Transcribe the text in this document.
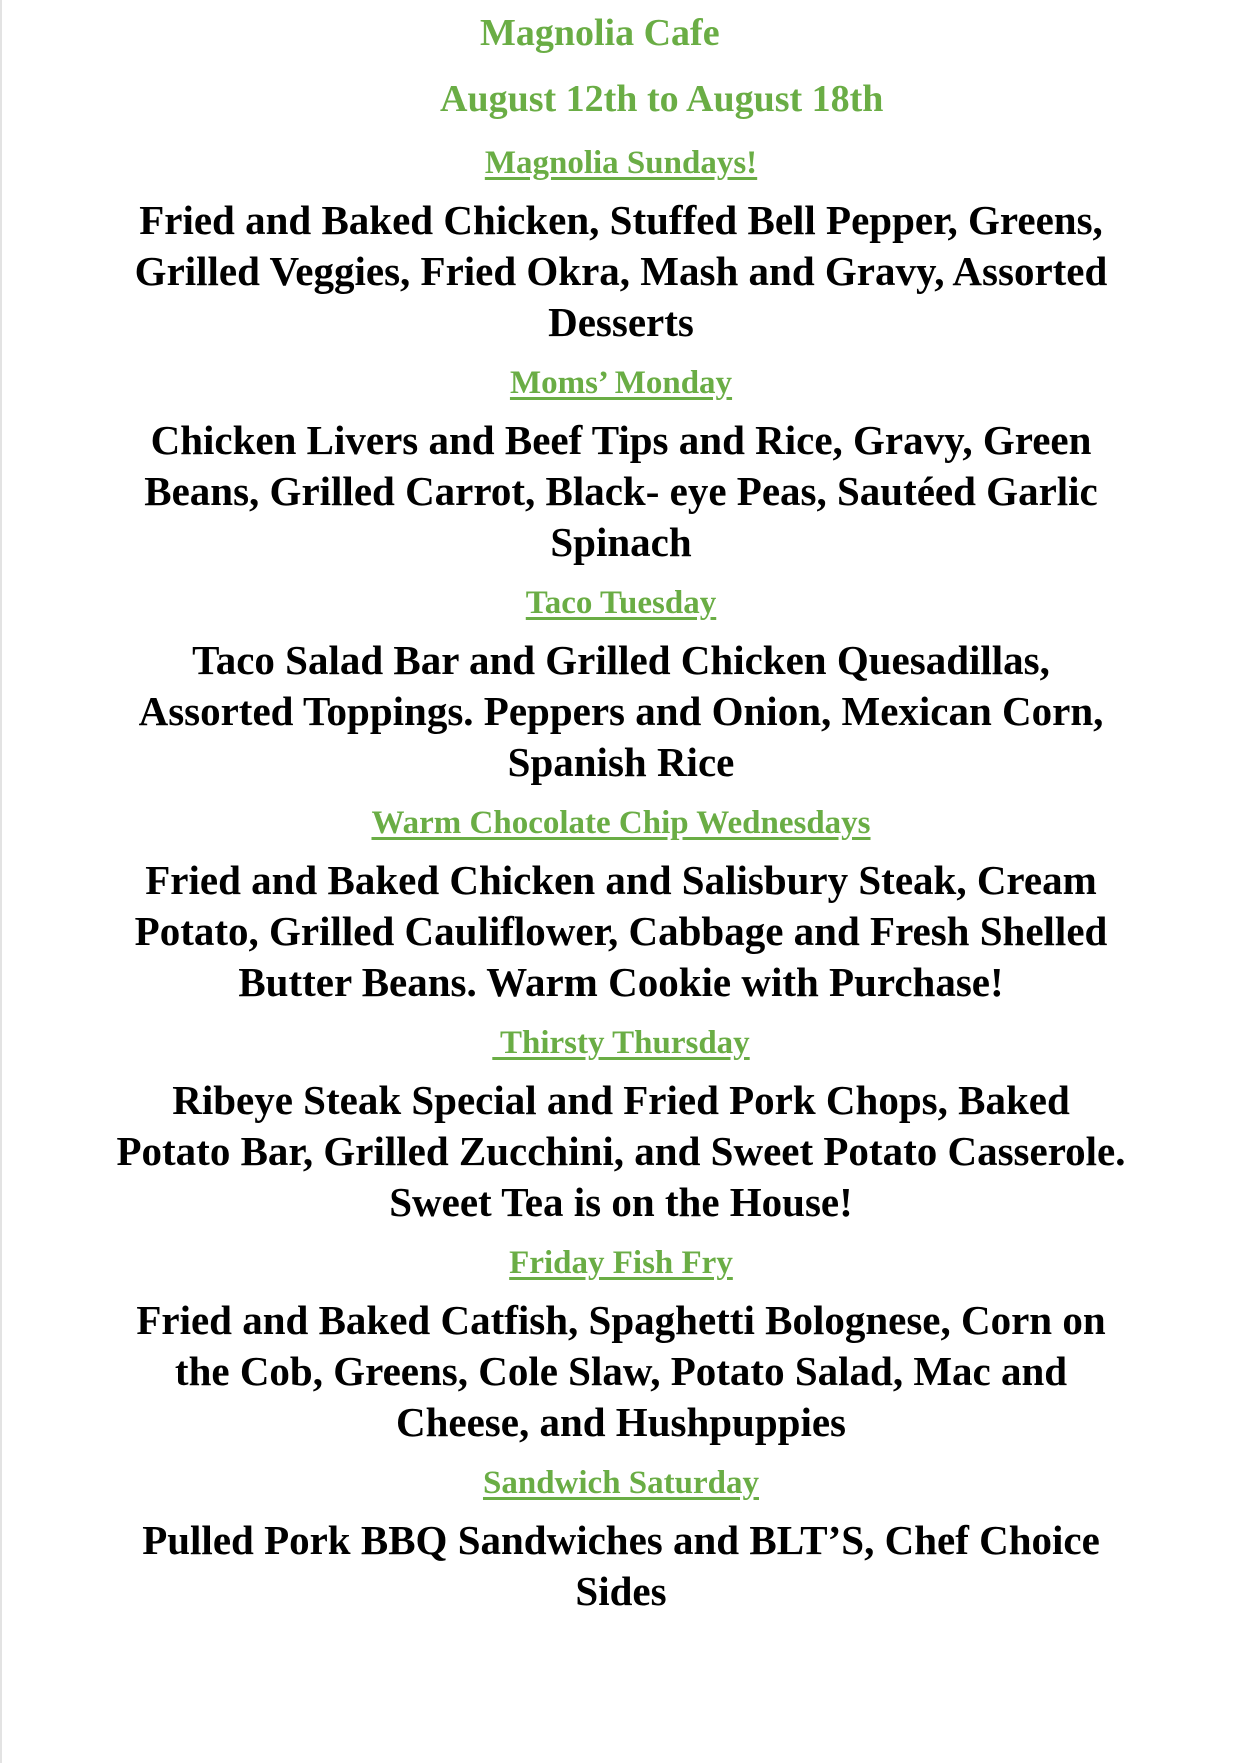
Magnolia Cafe
August 12th to August 18th

Magnolia Sundays!

Fried and Baked Chicken, Stuffed Bell Pepper, Greens, Grilled Veggies, Fried Okra, Mash and Gravy, Assorted Desserts

Moms’ Monday

Chicken Livers and Beef Tips and Rice, Gravy, Green Beans, Grilled Carrot, Black- eye Peas, Sautéed Garlic Spinach

Taco Tuesday

Taco Salad Bar and Grilled Chicken Quesadillas, Assorted Toppings. Peppers and Onion, Mexican Corn, Spanish Rice

Warm Chocolate Chip Wednesdays

Fried and Baked Chicken and Salisbury Steak, Cream Potato, Grilled Cauliflower, Cabbage and Fresh Shelled Butter Beans. Warm Cookie with Purchase!

Thirsty Thursday

Ribeye Steak Special and Fried Pork Chops, Baked Potato Bar, Grilled Zucchini, and Sweet Potato Casserole. Sweet Tea is on the House!

Friday Fish Fry

Fried and Baked Catfish, Spaghetti Bolognese, Corn on the Cob, Greens, Cole Slaw, Potato Salad, Mac and Cheese, and Hushpuppies

Sandwich Saturday

Pulled Pork BBQ Sandwiches and BLT’S, Chef Choice Sides
